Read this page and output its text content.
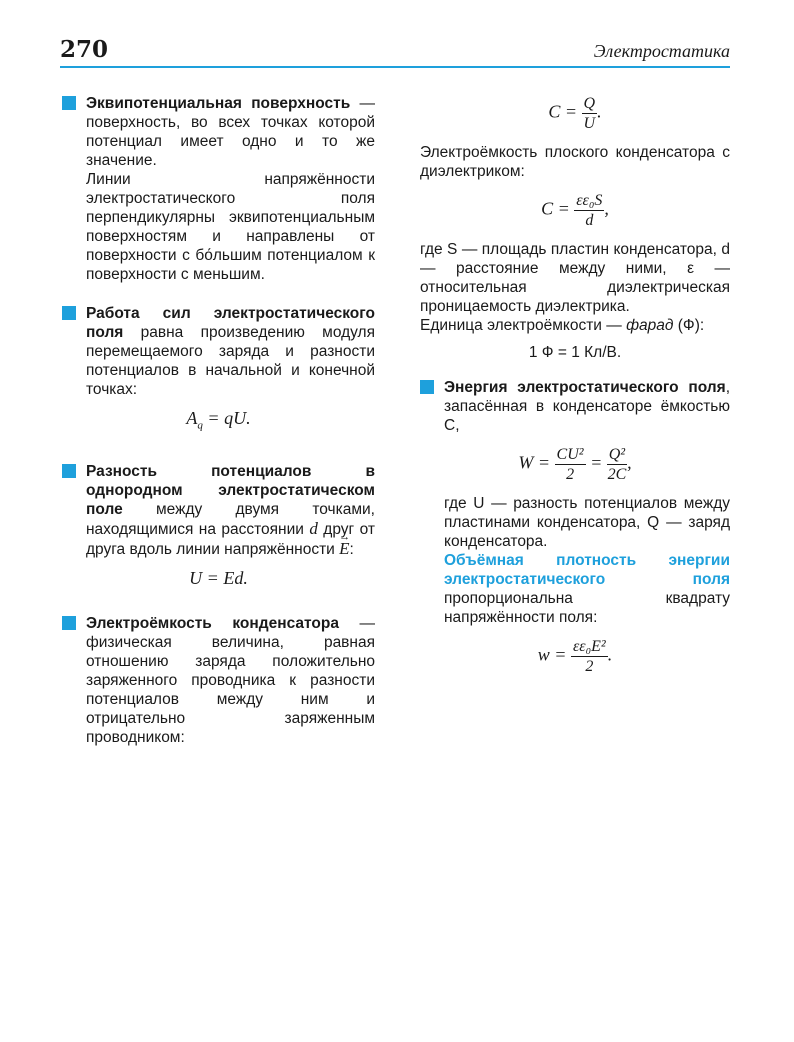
270	Электростатика
Эквипотенциальная поверхность — поверхность, во всех точках которой потенциал имеет одно и то же значение.
Линии напряжённости электростатического поля перпендикулярны эквипотенциальным поверхностям и направлены от поверхности с бо́льшим потенциалом к поверхности с меньшим.
Работа сил электростатического поля равна произведению модуля перемещаемого заряда и разности потенциалов в начальной и конечной точках:
$A_q$ = qU.
Разность потенциалов в однородном электростатическом поле между двумя точками, находящимися на расстоянии d друг от друга вдоль линии напряжённости → E:
U = Ed.
Электроёмкость конденсатора — физическая величина, равная отношению заряда положительно заряженного проводника к разности потенциалов между ним и отрицательно заряженным проводником:
$C = \frac{Q}{U}$ .
Электроёмкость плоского конденсатора с диэлектриком:
$C = \frac{\text{εε₀S}}{d}$ ,
где S — площадь пластин конденсатора, d — расстояние между ними, ε — относительная диэлектрическая проницаемость диэлектрика.
Единица электроёмкости — фарад (Ф):
1 Ф = 1 Кл/В.
Энергия электростатического поля, запасённая в конденсаторе ёмкостью C,
$W = \frac{\text{CU²}}{2} = \frac{\text{Q²}}{2C}$ ,
где U — разность потенциалов между пластинами конденсатора, Q — заряд конденсатора.
Объёмная плотность энергии электростатического поля пропорциональна квадрату напряжённости поля:
$w = \frac{\text{εε₀E²}}{2}$ .
